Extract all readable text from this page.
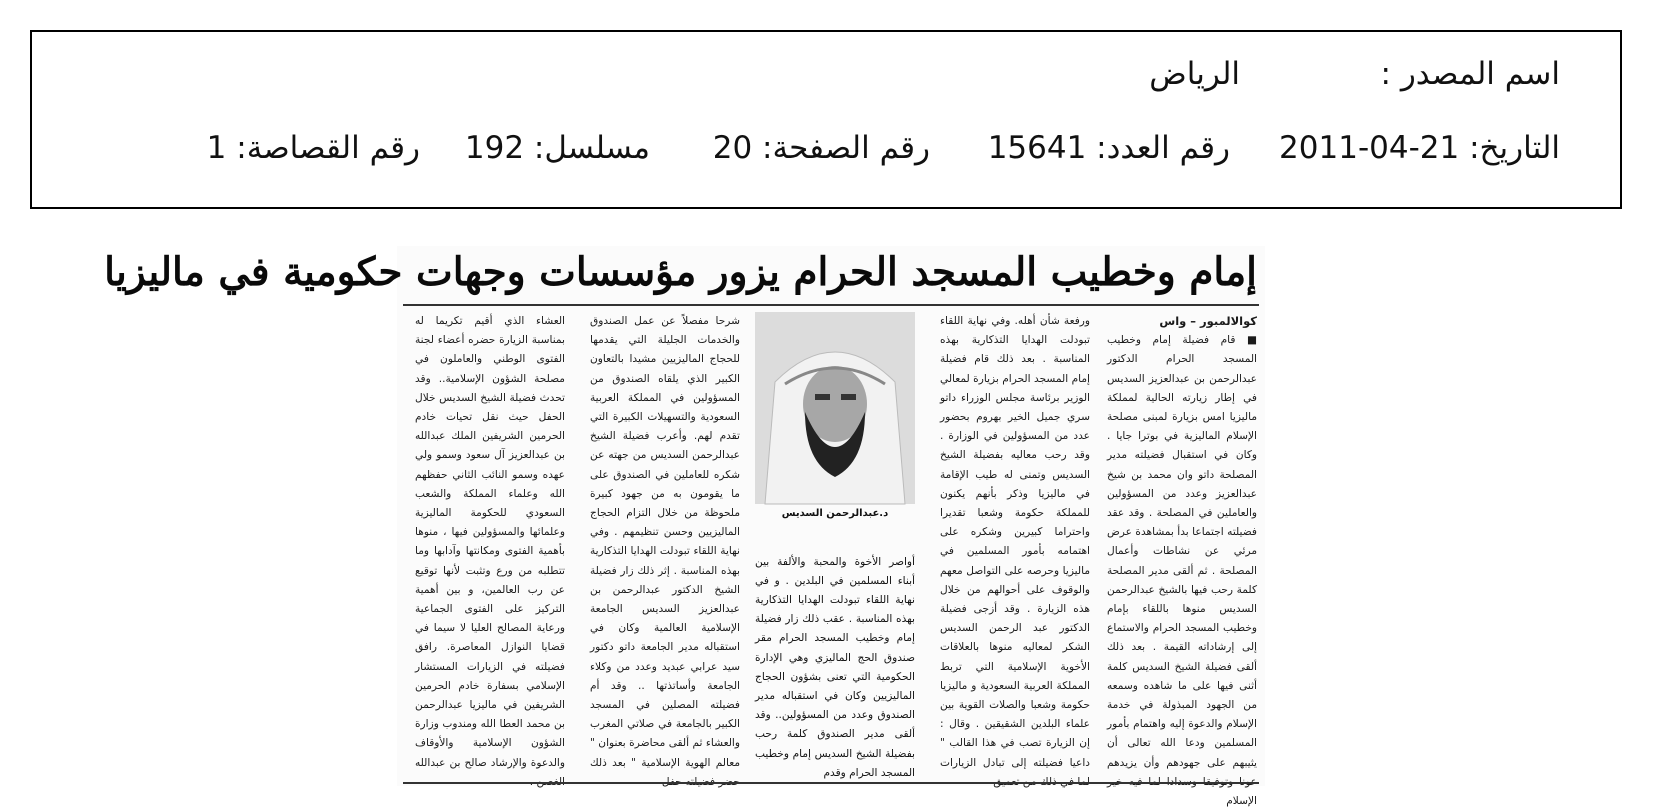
اسم المصدر :
الرياض
التاريخ: 21-04-2011
رقم العدد: 15641
رقم الصفحة: 20
مسلسل: 192
رقم القصاصة: 1
إمام وخطيب المسجد الحرام يزور مؤسسات وجهات حكومية في ماليزيا

كوالالمبور – واس

■ قام فضيلة إمام وخطيب المسجد الحرام الدكتور عبدالرحمن بن عبدالعزيز السديس في إطار زيارته الحالية لمملكة ماليزيا امس بزيارة لمبنى مصلحة الإسلام الماليزية في بوترا جايا . وكان في استقبال فضيلته مدير المصلحة داتو وان محمد بن شيخ عبدالعزيز وعدد من المسؤولين والعاملين في المصلحة . وقد عقد فضيلته اجتماعا بدأ بمشاهدة عرض مرئي عن نشاطات وأعمال المصلحة . ثم ألقى مدير المصلحة كلمة رحب فيها بالشيخ عبدالرحمن السديس منوها باللقاء بإمام وخطيب المسجد الحرام والاستماع إلى إرشاداته القيمة . بعد ذلك ألقى فضيلة الشيخ السديس كلمة أثنى فيها على ما شاهده وسمعه من الجهود المبذولة في خدمة الإسلام والدعوة إليه واهتمام بأمور المسلمين ودعا الله تعالى أن يثيبهم على جهودهم وأن يزيدهم الإسلام

ورفعة شأن أهله. وفي نهاية اللقاء تبودلت الهدايا التذكارية بهذه المناسبة . بعد ذلك قام فضيلة إمام المسجد الحرام بزيارة لمعالي الوزير برئاسة مجلس الوزراء داتو سري جميل الخير بهروم بحضور عدد من المسؤولين في الوزارة . وقد رحب معاليه بفضيلة الشيخ السديس وتمنى له طيب الإقامة في ماليزيا وذكر بأنهم يكنون للمملكة حكومة وشعبا تقديرا واحتراما كبيرين وشكره على اهتمامه بأمور المسلمين في ماليزيا وحرصه على التواصل معهم والوقوف على أحوالهم من خلال هذه الزيارة . وقد أزجى فضيلة الدكتور عبد الرحمن السديس الشكر لمعاليه منوها بالعلاقات الأخوية الإسلامية التي تربط المملكة العربية السعودية و ماليزيا حكومة وشعبا والصلات القوية بين علماء البلدين الشقيقين . وقال : إن الزيارة تصب في هذا القالب " داعيا فضيلته إلى تبادل الزيارات

د.عبدالرحمن السديس

أواصر الأخوة والمحبة والألفة بين أبناء المسلمين في البلدين . و في نهاية اللقاء تبودلت الهدايا التذكارية بهذه المناسبة . عقب ذلك زار فضيلة إمام وخطيب المسجد الحرام مقر صندوق الحج الماليزي وهي الإدارة الحكومية التي تعنى بشؤون الحجاج الماليزيين وكان في استقباله مدير الصندوق وعدد من المسؤولين.. وقد ألقى مدير الصندوق كلمة رحب بفضيلة الشيخ السديس إمام وخطيب المسجد الحرام وقدم

شرحا مفصلاً عن عمل الصندوق والخدمات الجليلة التي يقدمها للحجاج الماليزيين مشيدا بالتعاون الكبير الذي يلقاه الصندوق من المسؤولين في المملكة العربية السعودية والتسهيلات الكبيرة التي تقدم لهم. وأعرب فضيلة الشيخ عبدالرحمن السديس من جهته عن شكره للعاملين في الصندوق على ما يقومون به من جهود كبيرة ملحوظة من خلال التزام الحجاج الماليزيين وحسن تنظيمهم . وفي نهاية اللقاء تبودلت الهدايا التذكارية بهذه المناسبة . إثر ذلك زار فضيلة الشيخ الدكتور عبدالرحمن بن عبدالعزيز السديس الجامعة الإسلامية العالمية وكان في استقباله مدير الجامعة داتو دكتور سيد عرابي عبديد وعدد من وكلاء الجامعة وأساتذتها .. وقد أم فضيلته المصلين في المسجد الكبير بالجامعة في صلاتي المغرب والعشاء ثم ألقى محاضرة بعنوان " معالم الهوية الإسلامية " بعد ذلك

العشاء الذي أقيم تكريما له بمناسبة الزيارة حضره أعضاء لجنة الفتوى الوطني والعاملون في مصلحة الشؤون الإسلامية.. وقد تحدث فضيلة الشيخ السديس خلال الحفل حيث نقل تحيات خادم الحرمين الشريفين الملك عبدالله بن عبدالعزيز آل سعود وسمو ولي عهده وسمو النائب الثاني حفظهم الله وعلماء المملكة والشعب السعودي للحكومة الماليزية وعلمائها والمسؤولين فيها ، منوها بأهمية الفتوى ومكانتها وآدابها وما تتطلبه من ورع وتثبت لأنها توقيع عن رب العالمين، و بين أهمية التركيز على الفتوى الجماعية ورعاية المصالح العليا لا سيما في قضايا النوازل المعاصرة. رافق فضيلته في الزيارات المستشار الإسلامي بسفارة خادم الحرمين الشريفين في ماليزيا عبدالرحمن بن محمد العطا الله ومندوب وزارة الشؤون الإسلامية والأوقاف والدعوة والإرشاد صالح بن عبدالله
